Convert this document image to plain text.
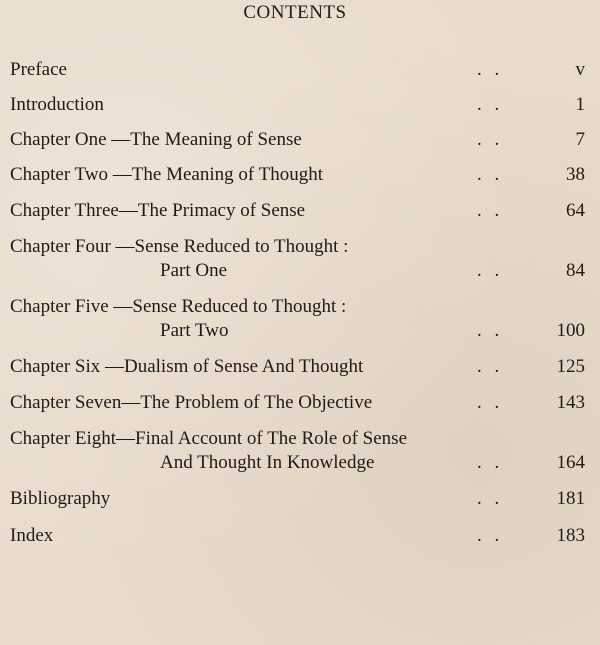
CONTENTS
Preface	. .	v
Introduction	. .	1
Chapter One —The Meaning of Sense	. .	7
Chapter Two —The Meaning of Thought	. .	38
Chapter Three—The Primacy of Sense	. .	64
Chapter Four —Sense Reduced to Thought :
Part One	. .	84
Chapter Five —Sense Reduced to Thought :
Part Two	. .	100
Chapter Six —Dualism of Sense And Thought	. .	125
Chapter Seven—The Problem of The Objective	. .	143
Chapter Eight—Final Account of The Role of Sense
And Thought In Knowledge	. .	164
Bibliography	. .	181
Index	. .	183
